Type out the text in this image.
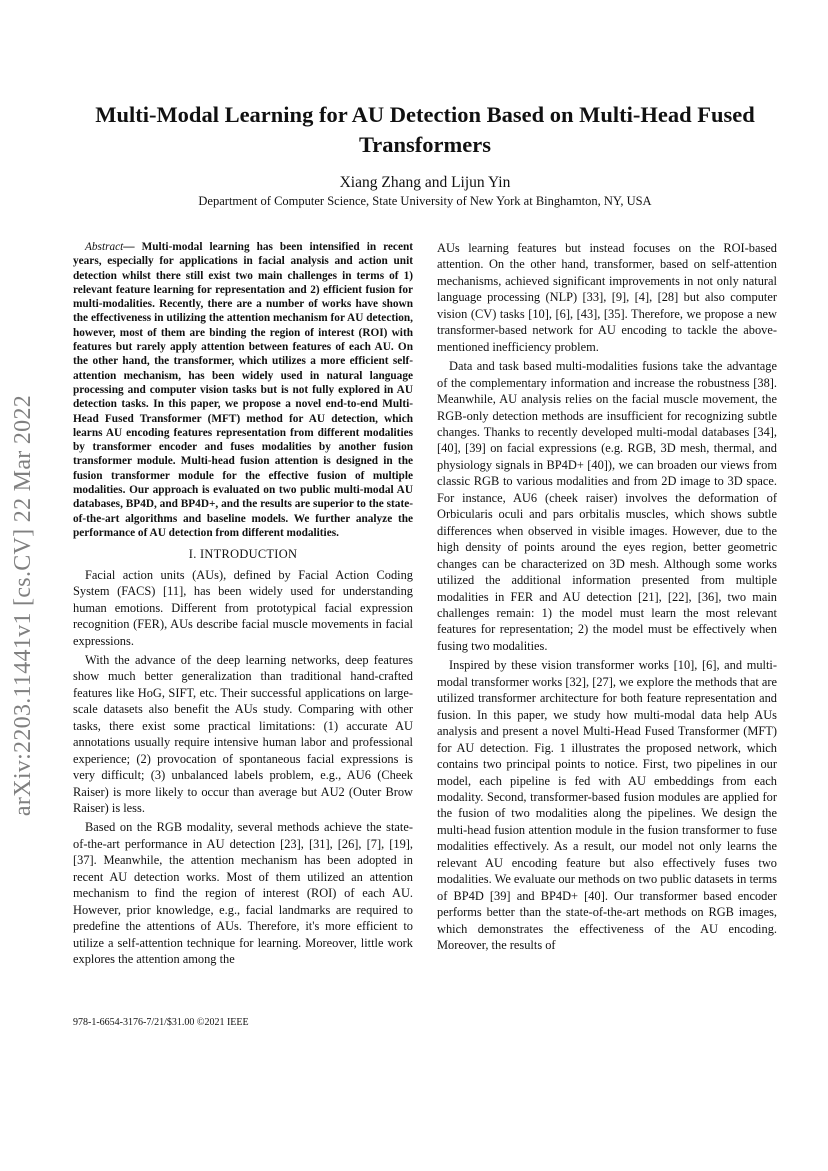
arXiv:2203.11441v1 [cs.CV] 22 Mar 2022
Multi-Modal Learning for AU Detection Based on Multi-Head Fused Transformers

Xiang Zhang and Lijun Yin

Department of Computer Science, State University of New York at Binghamton, NY, USA

Abstract— Multi-modal learning has been intensified in recent years, especially for applications in facial analysis and action unit detection whilst there still exist two main challenges in terms of 1) relevant feature learning for representation and 2) efficient fusion for multi-modalities. Recently, there are a number of works have shown the effectiveness in utilizing the attention mechanism for AU detection, however, most of them are binding the region of interest (ROI) with features but rarely apply attention between features of each AU. On the other hand, the transformer, which utilizes a more efficient self-attention mechanism, has been widely used in natural language processing and computer vision tasks but is not fully explored in AU detection tasks. In this paper, we propose a novel end-to-end Multi-Head Fused Transformer (MFT) method for AU detection, which learns AU encoding features representation from different modalities by transformer encoder and fuses modalities by another fusion transformer module. Multi-head fusion attention is designed in the fusion transformer module for the effective fusion of multiple modalities. Our approach is evaluated on two public multi-modal AU databases, BP4D, and BP4D+, and the results are superior to the state-of-the-art algorithms and baseline models. We further analyze the performance of AU detection from different modalities.

I. INTRODUCTION

Facial action units (AUs), defined by Facial Action Coding System (FACS) [11], has been widely used for understanding human emotions. Different from prototypical facial expression recognition (FER), AUs describe facial muscle movements in facial expressions.

With the advance of the deep learning networks, deep features show much better generalization than traditional hand-crafted features like HoG, SIFT, etc. Their successful applications on large-scale datasets also benefit the AUs study. Comparing with other tasks, there exist some practical limitations: (1) accurate AU annotations usually require intensive human labor and professional experience; (2) provocation of spontaneous facial expressions is very difficult; (3) unbalanced labels problem, e.g., AU6 (Cheek Raiser) is more likely to occur than average but AU2 (Outer Brow Raiser) is less.

Based on the RGB modality, several methods achieve the state-of-the-art performance in AU detection [23], [31], [26], [7], [19], [37]. Meanwhile, the attention mechanism has been adopted in recent AU detection works. Most of them utilized an attention mechanism to find the region of interest (ROI) of each AU. However, prior knowledge, e.g., facial landmarks are required to predefine the attentions of AUs. Therefore, it's more efficient to utilize a self-attention technique for learning. Moreover, little work explores the attention among the

AUs learning features but instead focuses on the ROI-based attention. On the other hand, transformer, based on self-attention mechanisms, achieved significant improvements in not only natural language processing (NLP) [33], [9], [4], [28] but also computer vision (CV) tasks [10], [6], [43], [35]. Therefore, we propose a new transformer-based network for AU encoding to tackle the above-mentioned inefficiency problem.

Data and task based multi-modalities fusions take the advantage of the complementary information and increase the robustness [38]. Meanwhile, AU analysis relies on the facial muscle movement, the RGB-only detection methods are insufficient for recognizing subtle changes. Thanks to recently developed multi-modal databases [34], [40], [39] on facial expressions (e.g. RGB, 3D mesh, thermal, and physiology signals in BP4D+ [40]), we can broaden our views from classic RGB to various modalities and from 2D image to 3D space. For instance, AU6 (cheek raiser) involves the deformation of Orbicularis oculi and pars orbitalis muscles, which shows subtle differences when observed in visible images. However, due to the high density of points around the eyes region, better geometric changes can be characterized on 3D mesh. Although some works utilized the additional information presented from multiple modalities in FER and AU detection [21], [22], [36], two main challenges remain: 1) the model must learn the most relevant features for representation; 2) the model must be effectively when fusing two modalities.

Inspired by these vision transformer works [10], [6], and multi-modal transformer works [32], [27], we explore the methods that are utilized transformer architecture for both feature representation and fusion. In this paper, we study how multi-modal data help AUs analysis and present a novel Multi-Head Fused Transformer (MFT) for AU detection. Fig. 1 illustrates the proposed network, which contains two principal points to notice. First, two pipelines in our model, each pipeline is fed with AU embeddings from each modality. Second, transformer-based fusion modules are applied for the fusion of two modalities along the pipelines. We design the multi-head fusion attention module in the fusion transformer to fuse modalities effectively. As a result, our model not only learns the relevant AU encoding feature but also effectively fuses two modalities. We evaluate our methods on two public datasets in terms of BP4D [39] and BP4D+ [40]. Our transformer based encoder performs better than the state-of-the-art methods on RGB images, which demonstrates the effectiveness of the AU encoding. Moreover, the results of

978-1-6654-3176-7/21/$31.00 ©2021 IEEE
